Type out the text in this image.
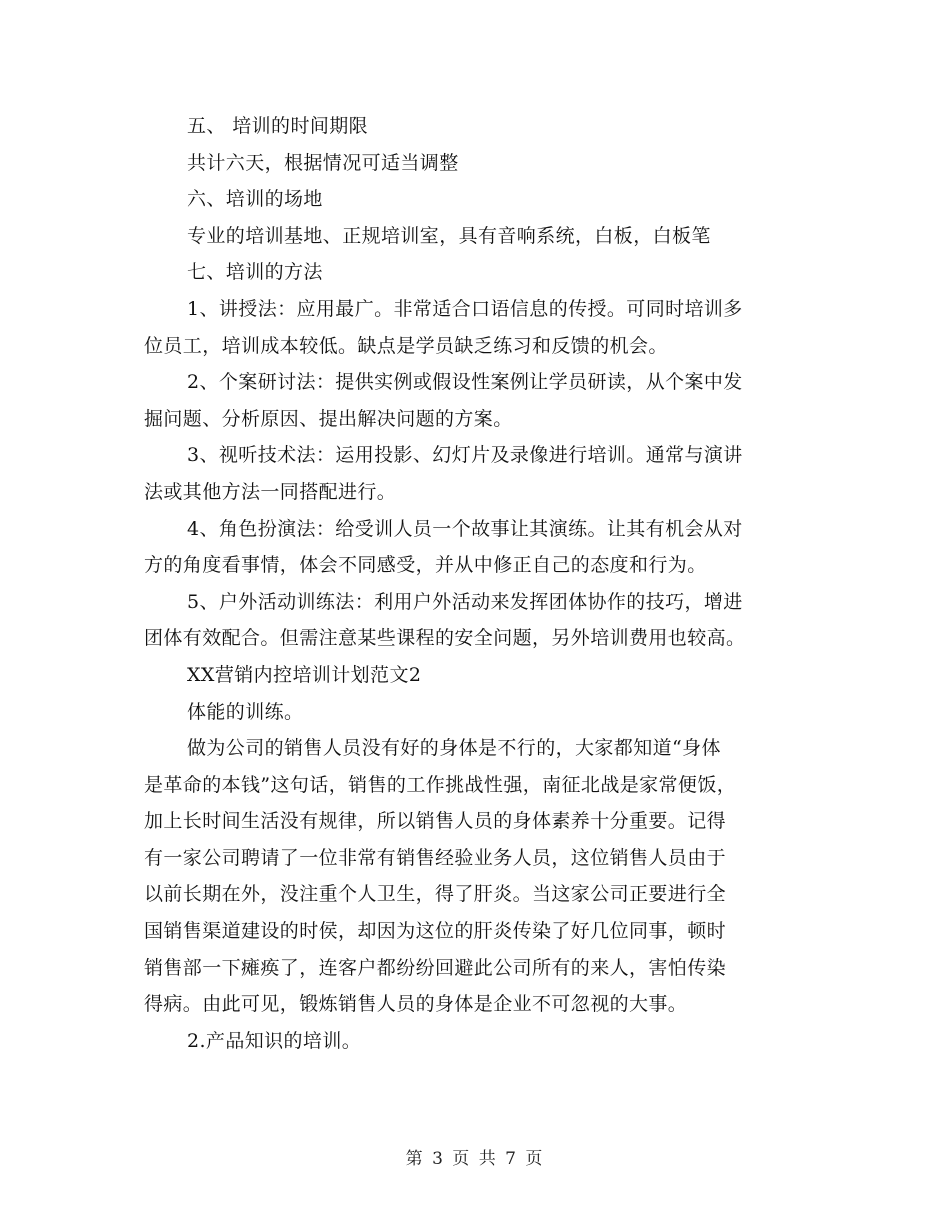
五、 培训的时间期限
共计六天，根据情况可适当调整
六、培训的场地
专业的培训基地、正规培训室，具有音响系统，白板，白板笔
七、培训的方法
1、讲授法：应用最广。非常适合口语信息的传授。可同时培训多
位员工，培训成本较低。缺点是学员缺乏练习和反馈的机会。
2、个案研讨法：提供实例或假设性案例让学员研读，从个案中发
掘问题、分析原因、提出解决问题的方案。
3、视听技术法：运用投影、幻灯片及录像进行培训。通常与演讲
法或其他方法一同搭配进行。
4、角色扮演法：给受训人员一个故事让其演练。让其有机会从对
方的角度看事情，体会不同感受，并从中修正自己的态度和行为。
5、户外活动训练法：利用户外活动来发挥团体协作的技巧，增进
团体有效配合。但需注意某些课程的安全问题，另外培训费用也较高。
XX营销内控培训计划范文2
体能的训练。
做为公司的销售人员没有好的身体是不行的，大家都知道“身体
是革命的本钱”这句话，销售的工作挑战性强，南征北战是家常便饭，
加上长时间生活没有规律，所以销售人员的身体素养十分重要。记得
有一家公司聘请了一位非常有销售经验业务人员，这位销售人员由于
以前长期在外，没注重个人卫生，得了肝炎。当这家公司正要进行全
国销售渠道建设的时侯，却因为这位的肝炎传染了好几位同事，顿时
销售部一下瘫痪了，连客户都纷纷回避此公司所有的来人，害怕传染
得病。由此可见，锻炼销售人员的身体是企业不可忽视的大事。
2.产品知识的培训。
第 3 页 共 7 页
